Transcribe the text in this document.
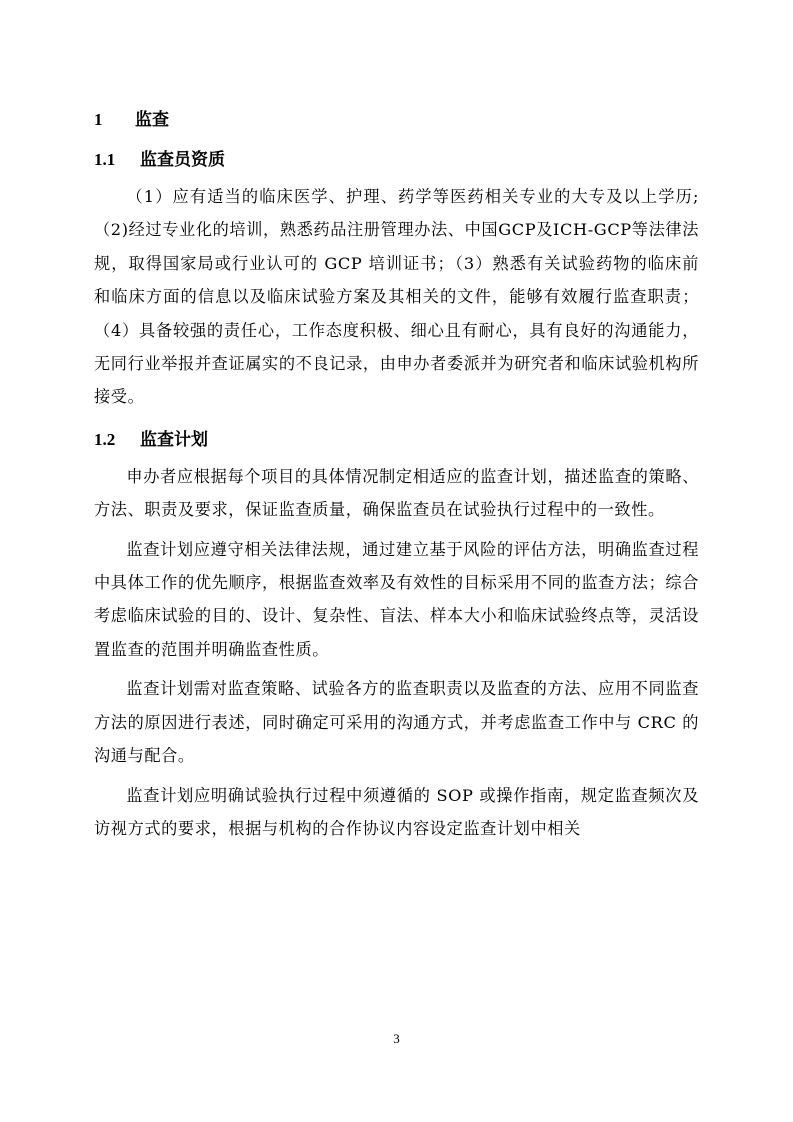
1 监查
1.1 监查员资质

（1）应有适当的临床医学、护理、药学等医药相关专业的大专及以上学历;（2)经过专业化的培训，熟悉药品注册管理办法、中国GCP及ICH-GCP等法律法规，取得国家局或行业认可的 GCP 培训证书；（3）熟悉有关试验药物的临床前和临床方面的信息以及临床试验方案及其相关的文件，能够有效履行监查职责；（4）具备较强的责任心，工作态度积极、细心且有耐心，具有良好的沟通能力，无同行业举报并查证属实的不良记录，由申办者委派并为研究者和临床试验机构所接受。

1.2 监查计划

申办者应根据每个项目的具体情况制定相适应的监查计划，描述监查的策略、方法、职责及要求，保证监查质量，确保监查员在试验执行过程中的一致性。

监查计划应遵守相关法律法规，通过建立基于风险的评估方法，明确监查过程中具体工作的优先顺序，根据监查效率及有效性的目标采用不同的监查方法；综合考虑临床试验的目的、设计、复杂性、盲法、样本大小和临床试验终点等，灵活设置监查的范围并明确监查性质。

监查计划需对监查策略、试验各方的监查职责以及监查的方法、应用不同监查方法的原因进行表述，同时确定可采用的沟通方式，并考虑监查工作中与 CRC 的沟通与配合。

监查计划应明确试验执行过程中须遵循的 SOP 或操作指南，规定监查频次及访视方式的要求，根据与机构的合作协议内容设定监查计划中相关

3
